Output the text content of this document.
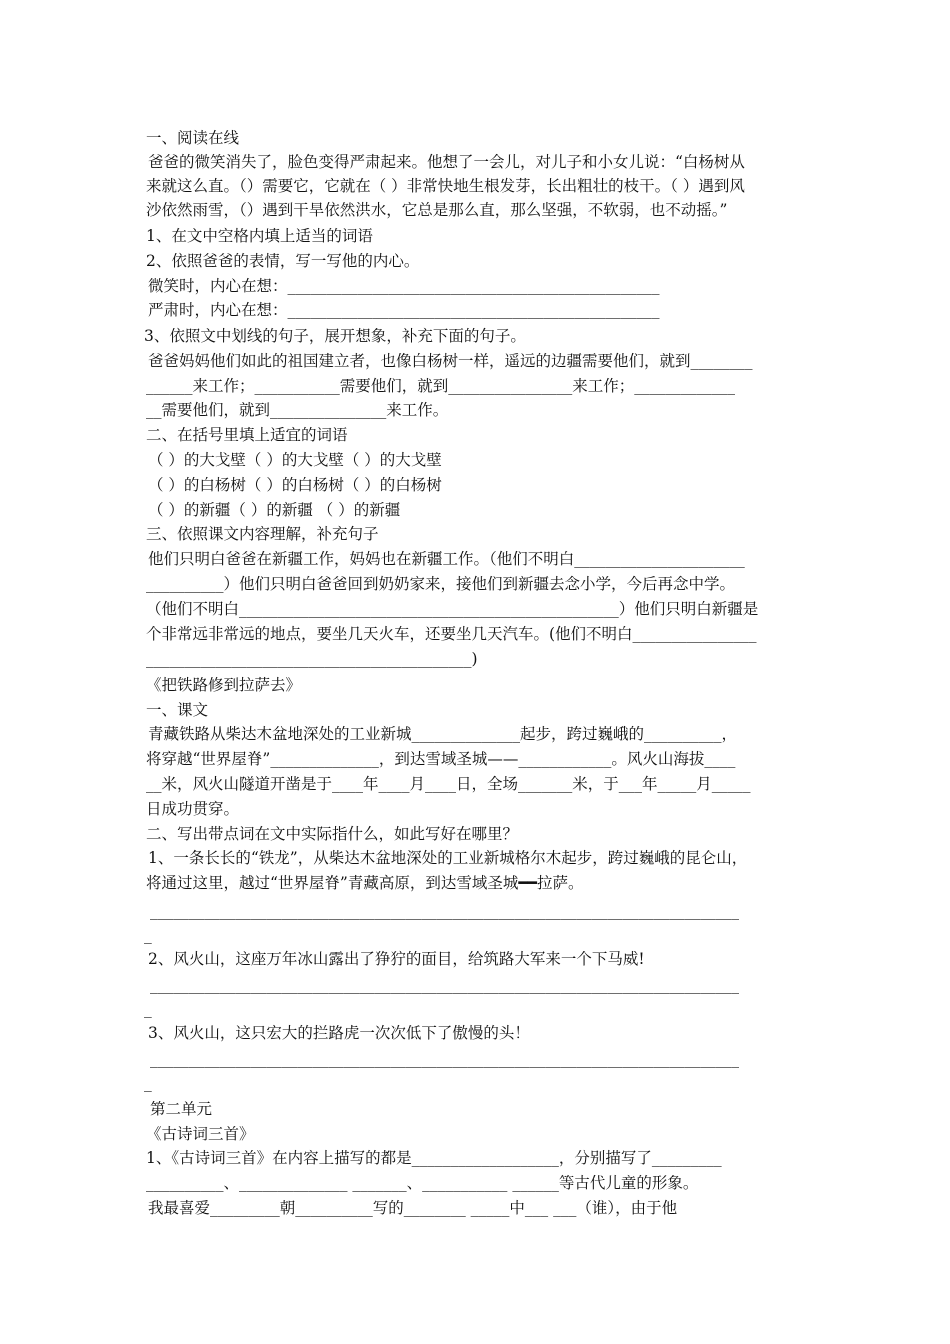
一、阅读在线
爸爸的微笑消失了，脸色变得严肃起来。他想了一会儿，对儿子和小女儿说：“白杨树从
来就这么直。（）需要它，它就在（ ）非常快地生根发芽，长出粗壮的枝干。（ ）遇到风
沙依然雨雪，（）遇到干旱依然洪水，它总是那么直，那么坚强，不软弱，也不动摇。”
1、在文中空格内填上适当的词语
2、依照爸爸的表情，写一写他的内心。
微笑时，内心在想：________________________________________________
严肃时，内心在想：________________________________________________
3、依照文中划线的句子，展开想象，补充下面的句子。
爸爸妈妈他们如此的祖国建立者，也像白杨树一样，遥远的边疆需要他们，就到________
______来工作；___________需要他们，就到________________来工作；_____________
__需要他们，就到_______________来工作。
二、在括号里填上适宜的词语
（ ）的大戈壁（ ）的大戈壁（ ）的大戈壁
（ ）的白杨树（ ）的白杨树（ ）的白杨树
（ ）的新疆（ ）的新疆 （ ）的新疆
三、依照课文内容理解，补充句子
他们只明白爸爸在新疆工作，妈妈也在新疆工作。（他们不明白______________________
__________）他们只明白爸爸回到奶奶家来，接他们到新疆去念小学，今后再念中学。
（他们不明白_________________________________________________）他们只明白新疆是
个非常远非常远的地点，要坐几天火车，还要坐几天汽车。(他们不明白________________
__________________________________________)
《把铁路修到拉萨去》
一、课文
青藏铁路从柴达木盆地深处的工业新城______________起步，跨过巍峨的__________，
将穿越“世界屋脊”______________，到达雪域圣城——____________。风火山海拔____
__米，风火山隧道开凿是于____年____月____日，全场_______米，于___年_____月_____
日成功贯穿。
二、写出带点词在文中实际指什么，如此写好在哪里？
1、一条长长的“铁龙”，从柴达木盆地深处的工业新城格尔木起步，跨过巍峨的昆仑山，
将通过这里，越过“世界屋脊”青藏高原，到达雪域圣城━━拉萨。
____________________________________________________________________________
_
2、风火山，这座万年冰山露出了狰狞的面目，给筑路大军来一个下马威!
____________________________________________________________________________
_
3、风火山，这只宏大的拦路虎一次次低下了傲慢的头！
____________________________________________________________________________
_
第二单元
《古诗词三首》
1、《古诗词三首》在内容上描写的都是___________________，分别描写了_________
__________、______________ _______、___________ ______等古代儿童的形象。
我最喜爱_________朝__________写的________ _____中___ ___（谁），由于他
